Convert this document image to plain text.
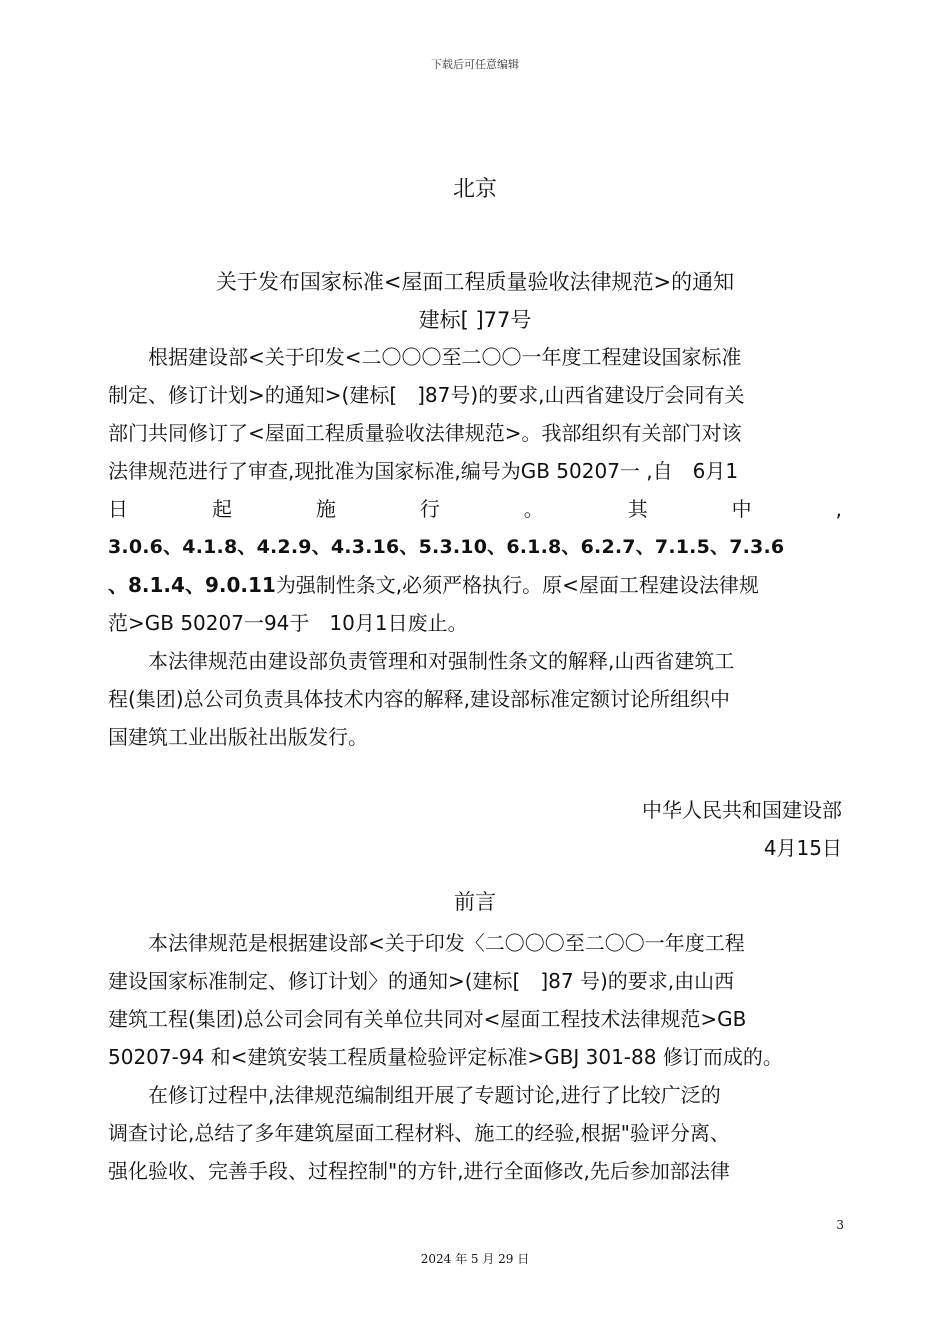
下载后可任意编辑
北京
关于发布国家标准<屋面工程质量验收法律规范>的通知
建标[ ]77号
根据建设部<关于印发<二〇〇〇至二〇〇一年度工程建设国家标准
制定、修订计划>的通知>(建标[　]87号)的要求,山西省建设厅会同有关
部门共同修订了<屋面工程质量验收法律规范>。我部组织有关部门对该
法律规范进行了审查,现批准为国家标准,编号为GB 50207一 ,自　6月1
日	起	施	行	。	其	中	,
3.0.6、4.1.8、4.2.9、4.3.16、5.3.10、6.1.8、6.2.7、7.1.5、7.3.6
、8.1.4、9.0.11为强制性条文,必须严格执行。原<屋面工程建设法律规
范>GB 50207一94于　10月1日废止。
本法律规范由建设部负责管理和对强制性条文的解释,山西省建筑工
程(集团)总公司负责具体技术内容的解释,建设部标准定额讨论所组织中
国建筑工业出版社出版发行。
中华人民共和国建设部
4月15日
前言
本法律规范是根据建设部<关于印发〈二〇〇〇至二〇〇一年度工程
建设国家标准制定、修订计划〉的通知>(建标[　]87 号)的要求,由山西
建筑工程(集团)总公司会同有关单位共同对<屋面工程技术法律规范>GB
50207-94 和<建筑安装工程质量检验评定标准>GBJ 301-88 修订而成的。
在修订过程中,法律规范编制组开展了专题讨论,进行了比较广泛的
调查讨论,总结了多年建筑屋面工程材料、施工的经验,根据"验评分离、
强化验收、完善手段、过程控制"的方针,进行全面修改,先后参加部法律
3
2024 年 5 月 29 日
